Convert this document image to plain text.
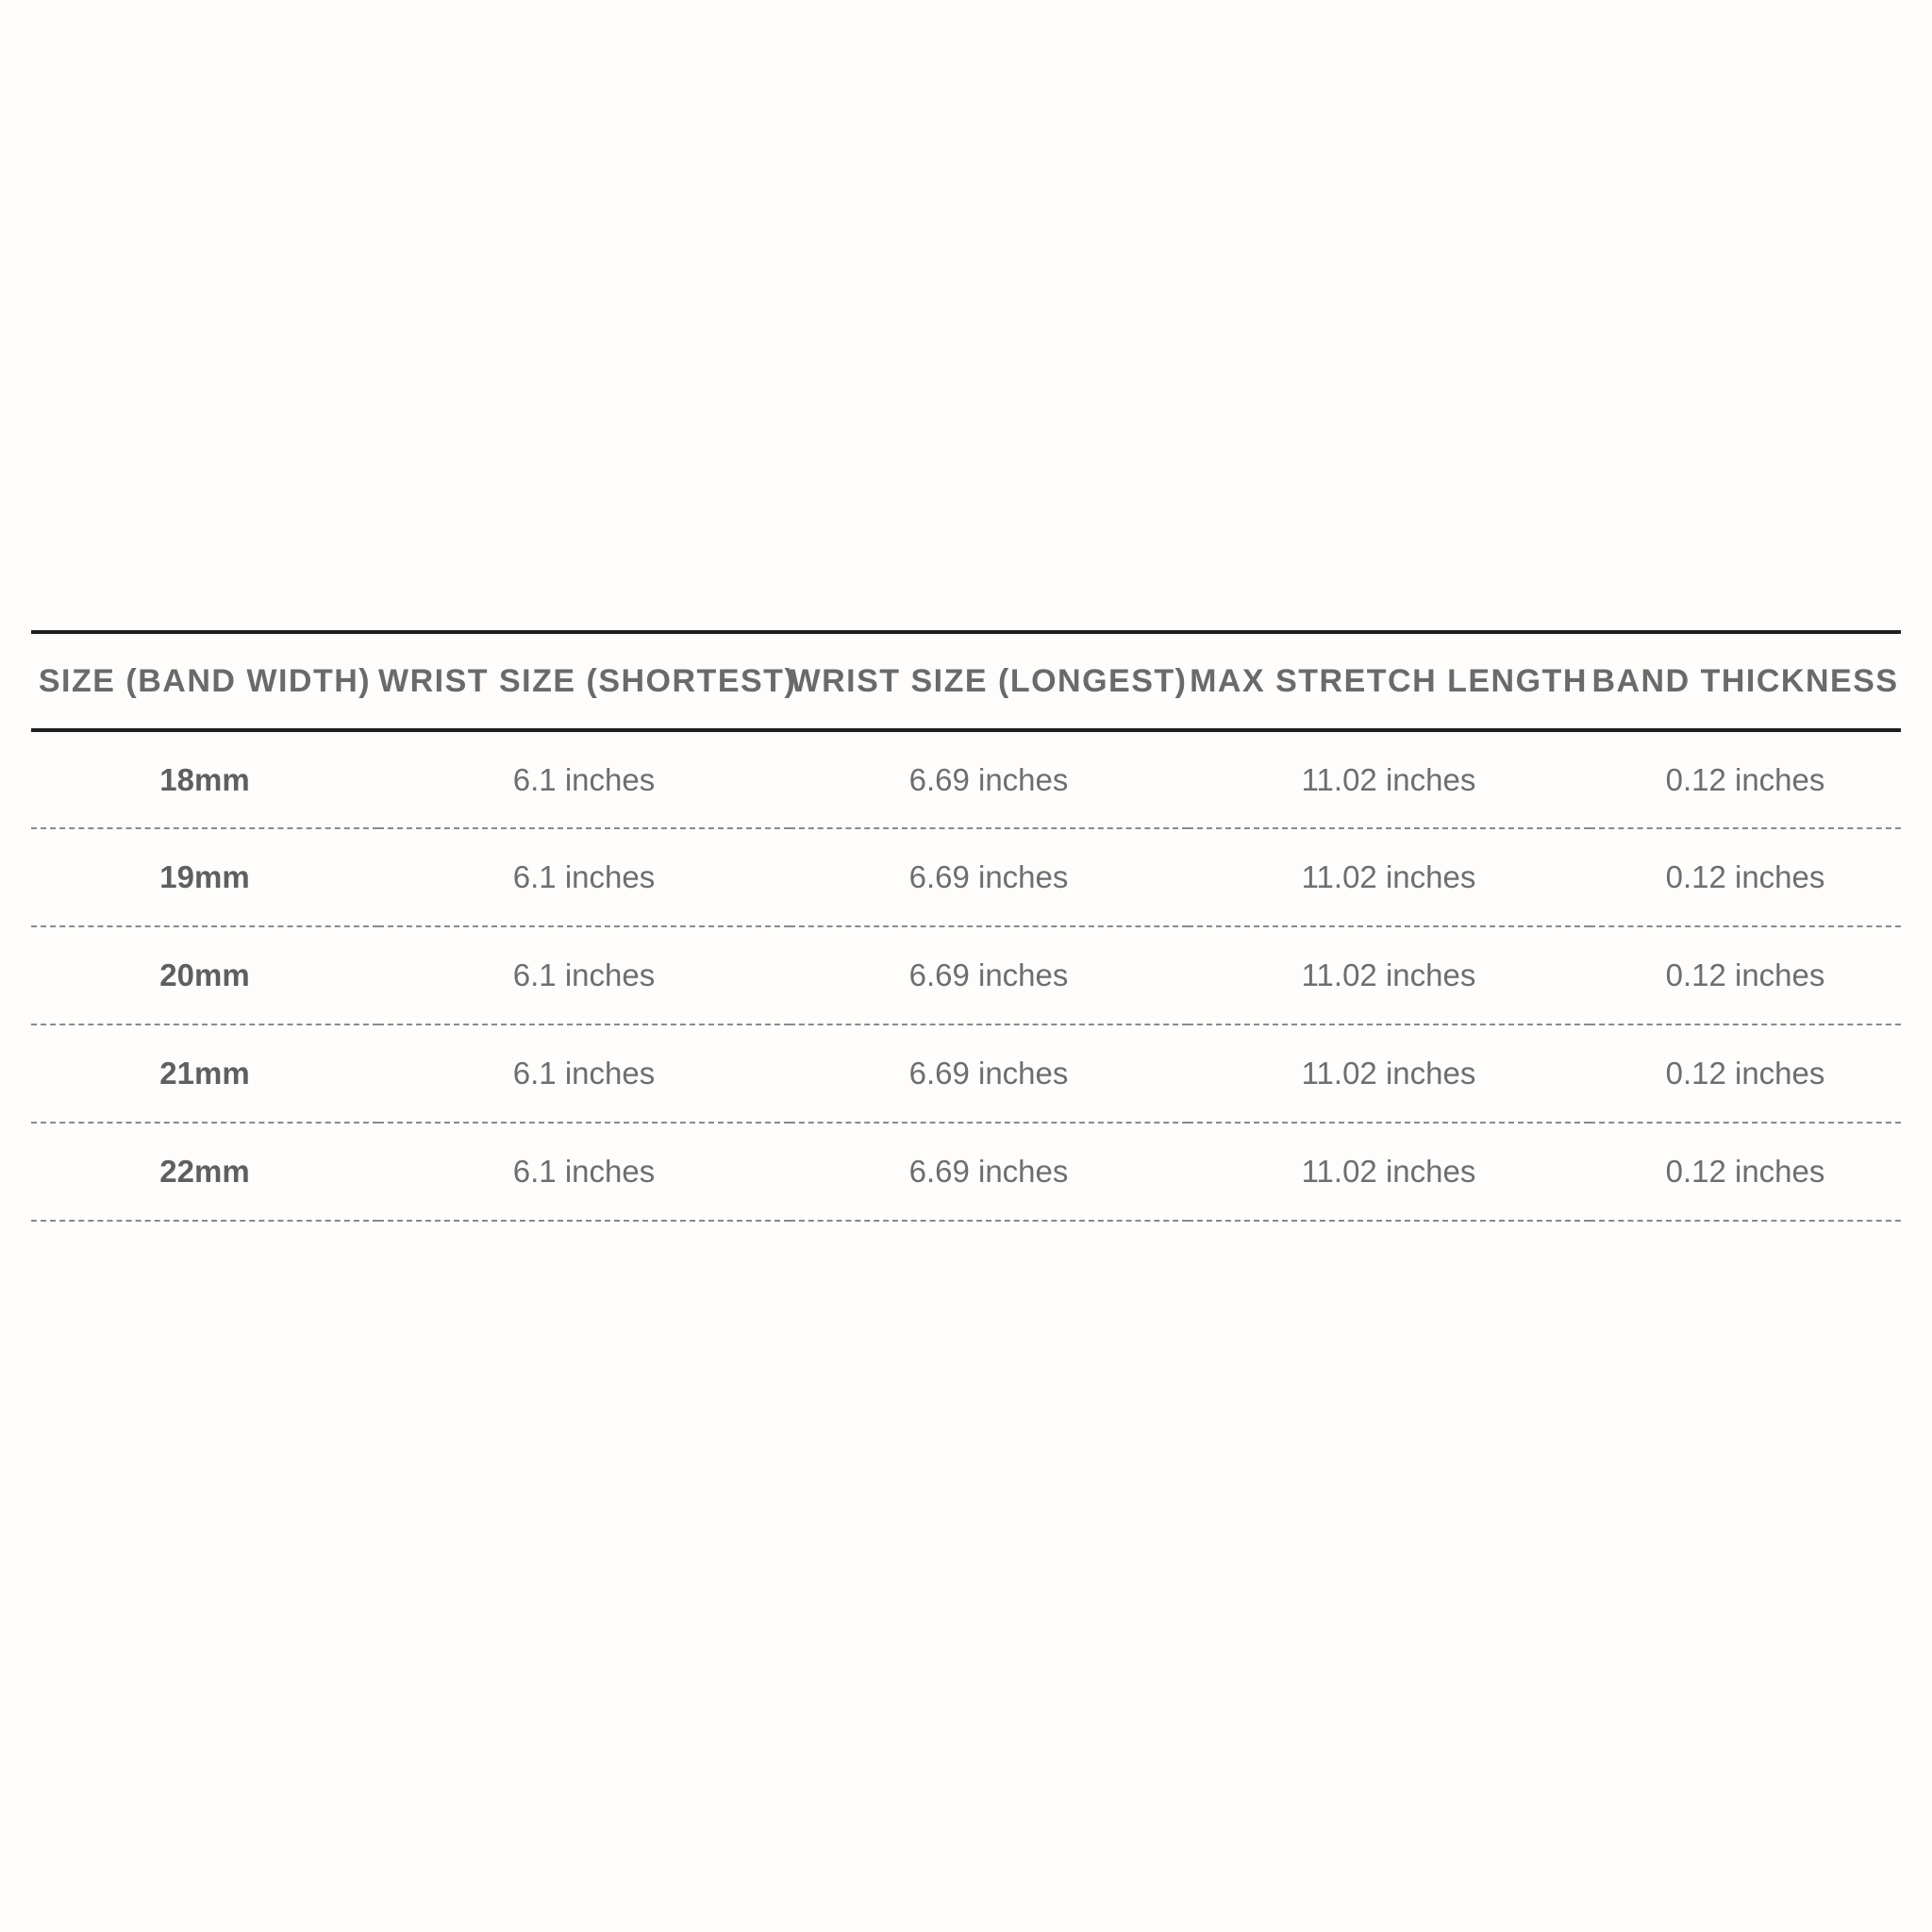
SIZE (BAND WIDTH)	WRIST SIZE (SHORTEST)	WRIST SIZE (LONGEST)	MAX STRETCH LENGTH	BAND THICKNESS
18mm	6.1 inches	6.69 inches	11.02 inches	0.12 inches
19mm	6.1 inches	6.69 inches	11.02 inches	0.12 inches
20mm	6.1 inches	6.69 inches	11.02 inches	0.12 inches
21mm	6.1 inches	6.69 inches	11.02 inches	0.12 inches
22mm	6.1 inches	6.69 inches	11.02 inches	0.12 inches
